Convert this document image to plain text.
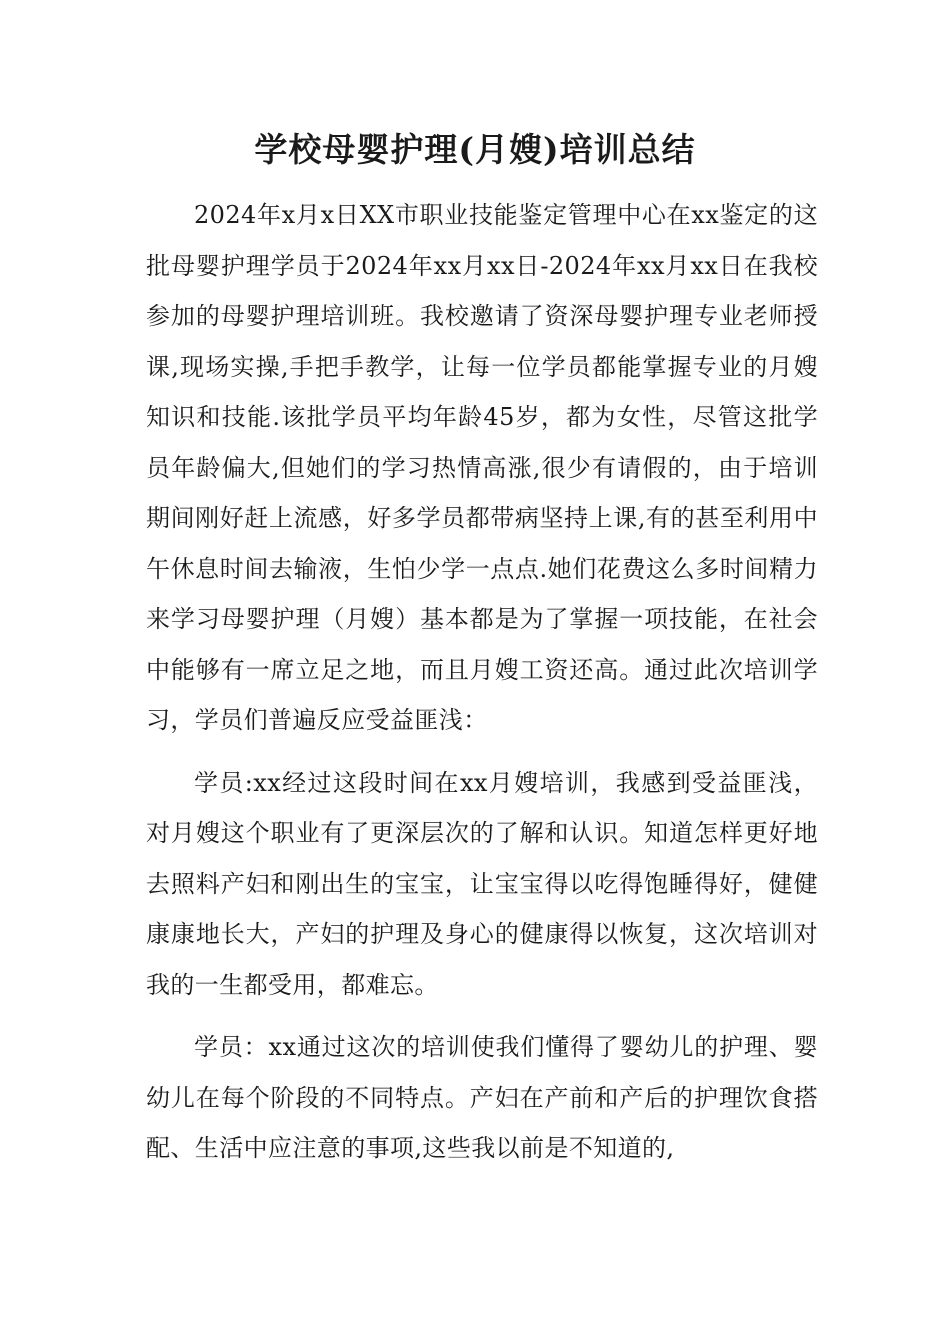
学校母婴护理(月嫂)培训总结

2024年x月x日XX市职业技能鉴定管理中心在xx鉴定的这批母婴护理学员于2024年xx月xx日-2024年xx月xx日在我校参加的母婴护理培训班。我校邀请了资深母婴护理专业老师授课,现场实操,手把手教学，让每一位学员都能掌握专业的月嫂知识和技能.该批学员平均年龄45岁，都为女性，尽管这批学员年龄偏大,但她们的学习热情高涨,很少有请假的，由于培训期间刚好赶上流感，好多学员都带病坚持上课,有的甚至利用中午休息时间去输液，生怕少学一点点.她们花费这么多时间精力来学习母婴护理（月嫂）基本都是为了掌握一项技能，在社会中能够有一席立足之地，而且月嫂工资还高。通过此次培训学习，学员们普遍反应受益匪浅：

学员:xx经过这段时间在xx月嫂培训，我感到受益匪浅，对月嫂这个职业有了更深层次的了解和认识。知道怎样更好地去照料产妇和刚出生的宝宝，让宝宝得以吃得饱睡得好，健健康康地长大，产妇的护理及身心的健康得以恢复，这次培训对我的一生都受用，都难忘。

学员：xx通过这次的培训使我们懂得了婴幼儿的护理、婴幼儿在每个阶段的不同特点。产妇在产前和产后的护理饮食搭配、生活中应注意的事项,这些我以前是不知道的,
